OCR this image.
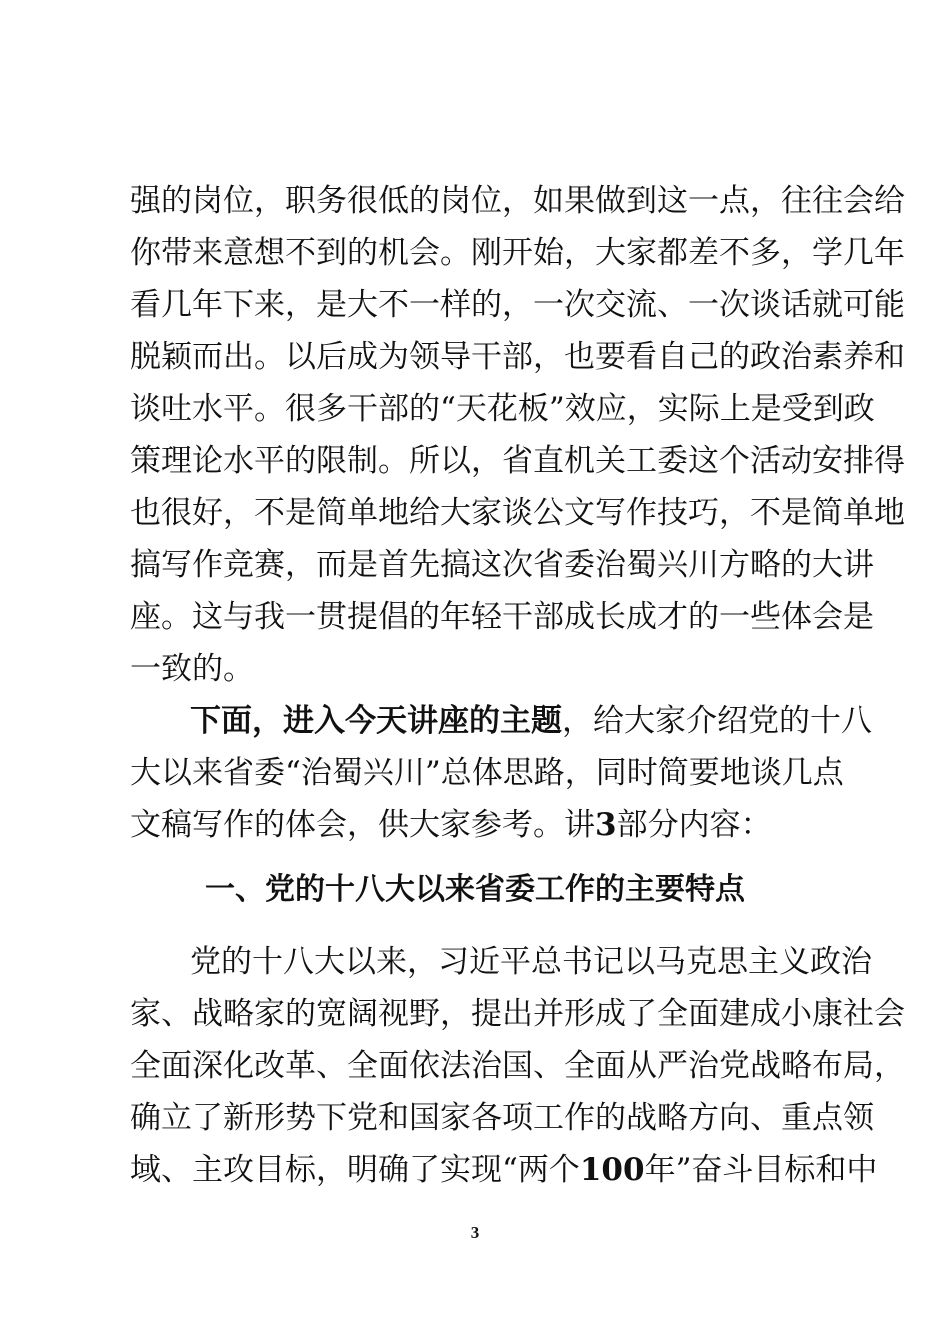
强的岗位，职务很低的岗位，如果做到这一点，往往会给
你带来意想不到的机会。刚开始，大家都差不多，学几年
看几年下来，是大不一样的，一次交流、一次谈话就可能
脱颖而出。以后成为领导干部，也要看自己的政治素养和
谈吐水平。很多干部的“天花板”效应，实际上是受到政
策理论水平的限制。所以，省直机关工委这个活动安排得
也很好，不是简单地给大家谈公文写作技巧，不是简单地
搞写作竞赛，而是首先搞这次省委治蜀兴川方略的大讲
座。这与我一贯提倡的年轻干部成长成才的一些体会是
一致的。
下面，进入今天讲座的主题，给大家介绍党的十八
大以来省委“治蜀兴川”总体思路，同时简要地谈几点
文稿写作的体会，供大家参考。讲3部分内容：
一、党的十八大以来省委工作的主要特点
党的十八大以来，习近平总书记以马克思主义政治
家、战略家的宽阔视野，提出并形成了全面建成小康社会
全面深化改革、全面依法治国、全面从严治党战略布局，
确立了新形势下党和国家各项工作的战略方向、重点领
域、主攻目标，明确了实现“两个100年”奋斗目标和中
3
